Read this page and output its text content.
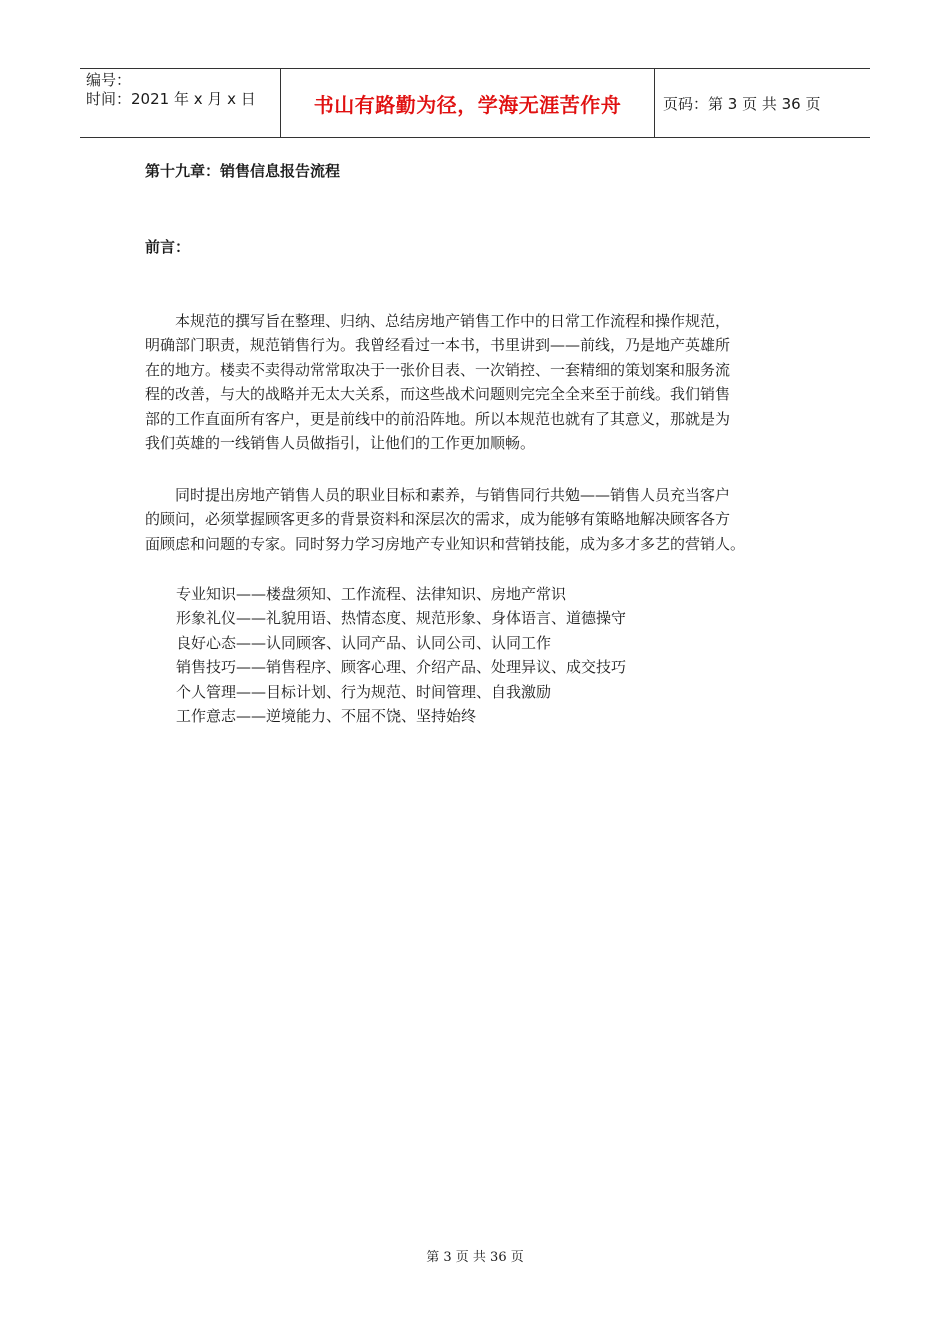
编号：
时间：2021 年 x 月 x 日	书山有路勤为径，学海无涯苦作舟	页码：第 3 页 共 36 页
第十九章：销售信息报告流程
前言：
　　本规范的撰写旨在整理、归纳、总结房地产销售工作中的日常工作流程和操作规范，
明确部门职责，规范销售行为。我曾经看过一本书，书里讲到——前线，乃是地产英雄所
在的地方。楼卖不卖得动常常取决于一张价目表、一次销控、一套精细的策划案和服务流
程的改善，与大的战略并无太大关系，而这些战术问题则完完全全来至于前线。我们销售
部的工作直面所有客户，更是前线中的前沿阵地。所以本规范也就有了其意义，那就是为
我们英雄的一线销售人员做指引，让他们的工作更加顺畅。
　　同时提出房地产销售人员的职业目标和素养，与销售同行共勉——销售人员充当客户
的顾问，必须掌握顾客更多的背景资料和深层次的需求，成为能够有策略地解决顾客各方
面顾虑和问题的专家。同时努力学习房地产专业知识和营销技能，成为多才多艺的营销人。
专业知识——楼盘须知、工作流程、法律知识、房地产常识
形象礼仪——礼貌用语、热情态度、规范形象、身体语言、道德操守
良好心态——认同顾客、认同产品、认同公司、认同工作
销售技巧——销售程序、顾客心理、介绍产品、处理异议、成交技巧
个人管理——目标计划、行为规范、时间管理、自我激励
工作意志——逆境能力、不屈不饶、坚持始终
第 3 页 共 36 页
